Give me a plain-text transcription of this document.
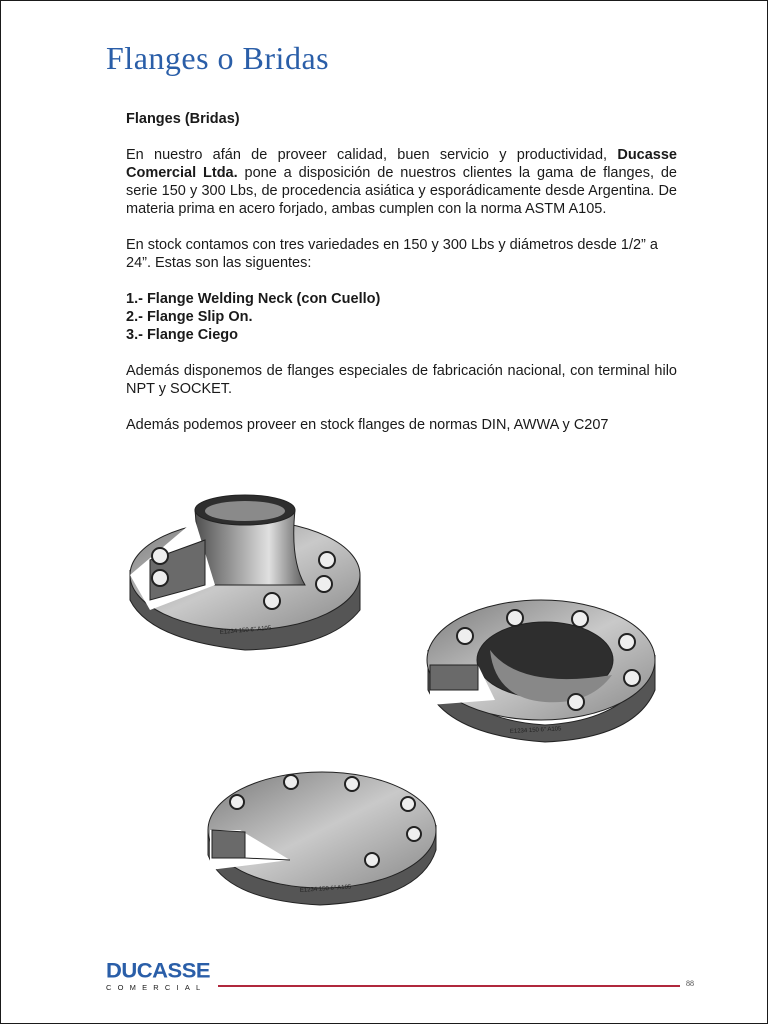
Flanges o Bridas

Flanges (Bridas)

En nuestro afán de proveer calidad, buen servicio y productividad, Ducasse Comercial Ltda. pone a disposición de nuestros clientes la gama de flanges, de serie 150 y 300 Lbs, de procedencia asiática y esporádicamente desde Argentina. De materia prima en acero forjado, ambas cumplen con la norma ASTM A105.

En stock contamos con tres variedades en 150 y 300 Lbs y diámetros desde 1/2” a 24”. Estas son las siguentes:

1.- Flange Welding Neck (con Cuello)

2.- Flange Slip On.

3.- Flange Ciego

Además disponemos de flanges especiales de fabricación nacional, con terminal hilo NPT y SOCKET.

Además podemos proveer en stock flanges de normas DIN, AWWA y C207

E1234 150 6" A105
E1234 150 6" A105
E1234 150 6" A105
DUCASSE
COMERCIAL	88
